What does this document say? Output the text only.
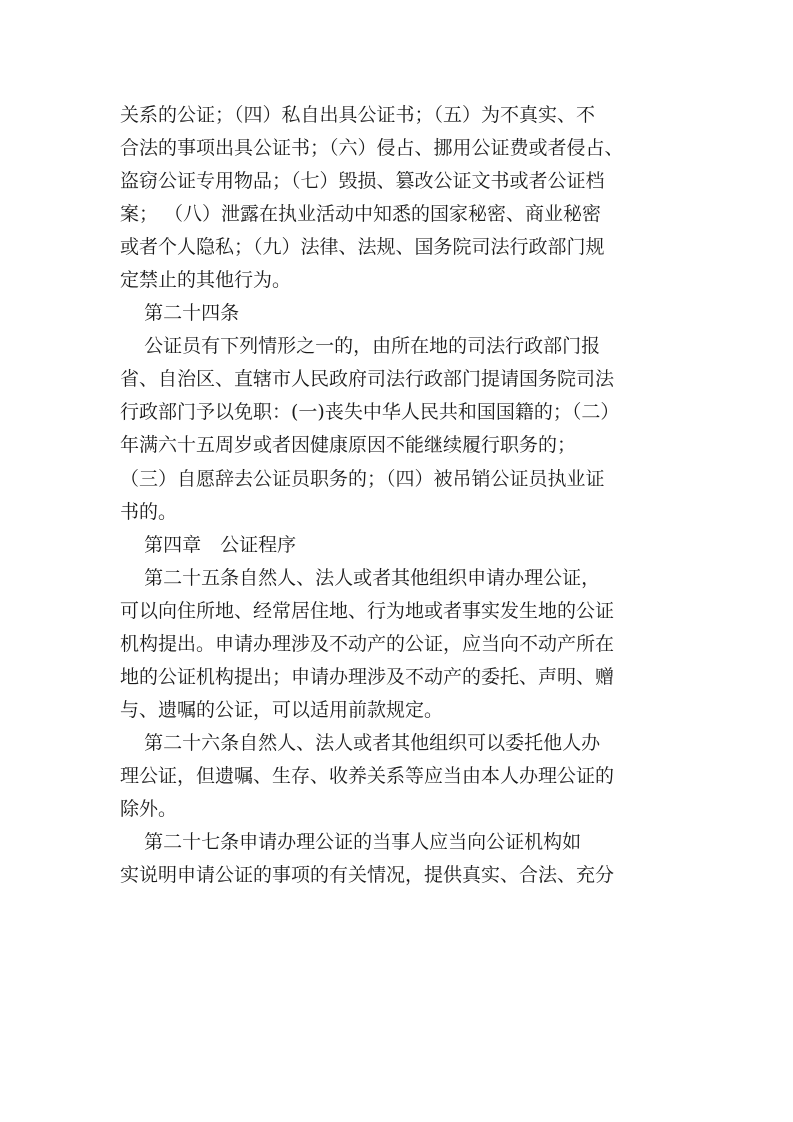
关系的公证；（四）私自出具公证书；（五）为不真实、不
合法的事项出具公证书；（六）侵占、挪用公证费或者侵占、
盗窃公证专用物品；（七）毁损、篡改公证文书或者公证档
案； （八）泄露在执业活动中知悉的国家秘密、商业秘密
或者个人隐私；（九）法律、法规、国务院司法行政部门规
定禁止的其他行为。
第二十四条
公证员有下列情形之一的，由所在地的司法行政部门报
省、自治区、直辖市人民政府司法行政部门提请国务院司法
行政部门予以免职：(一)丧失中华人民共和国国籍的；（二）
年满六十五周岁或者因健康原因不能继续履行职务的；
（三）自愿辞去公证员职务的；（四）被吊销公证员执业证
书的。
第四章　公证程序
第二十五条自然人、法人或者其他组织申请办理公证，
可以向住所地、经常居住地、行为地或者事实发生地的公证
机构提出。申请办理涉及不动产的公证，应当向不动产所在
地的公证机构提出；申请办理涉及不动产的委托、声明、赠
与、遗嘱的公证，可以适用前款规定。
第二十六条自然人、法人或者其他组织可以委托他人办
理公证，但遗嘱、生存、收养关系等应当由本人办理公证的
除外。
第二十七条申请办理公证的当事人应当向公证机构如
实说明申请公证的事项的有关情况，提供真实、合法、充分
